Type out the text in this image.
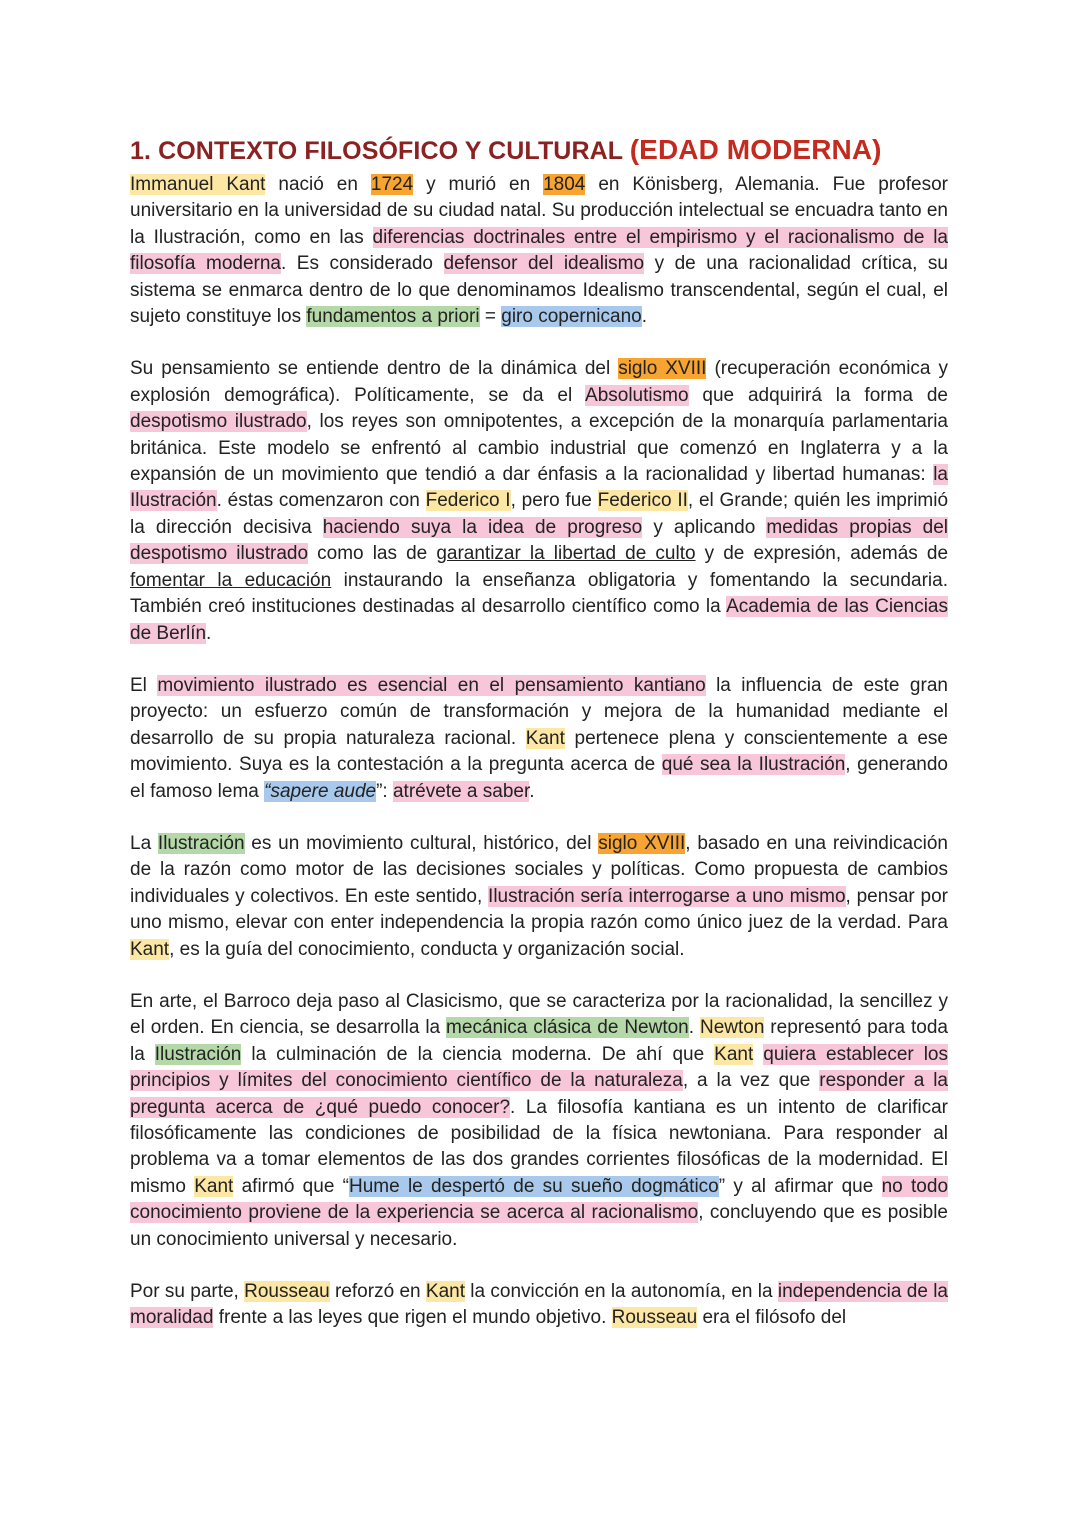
1. CONTEXTO FILOSÓFICO Y CULTURAL (EDAD MODERNA)

Immanuel Kant nació en 1724 y murió en 1804 en Könisberg, Alemania. Fue profesor universitario en la universidad de su ciudad natal. Su producción intelectual se encuadra tanto en la Ilustración, como en las diferencias doctrinales entre el empirismo y el racionalismo de la filosofía moderna. Es considerado defensor del idealismo y de una racionalidad crítica, su sistema se enmarca dentro de lo que denominamos Idealismo transcendental, según el cual, el sujeto constituye los fundamentos a priori = giro copernicano.

Su pensamiento se entiende dentro de la dinámica del siglo XVIII (recuperación económica y explosión demográfica). Políticamente, se da el Absolutismo que adquirirá la forma de despotismo ilustrado, los reyes son omnipotentes, a excepción de la monarquía parlamentaria británica. Este modelo se enfrentó al cambio industrial que comenzó en Inglaterra y a la expansión de un movimiento que tendió a dar énfasis a la racionalidad y libertad humanas: la Ilustración. éstas comenzaron con Federico I, pero fue Federico II, el Grande; quién les imprimió la dirección decisiva haciendo suya la idea de progreso y aplicando medidas propias del despotismo ilustrado como las de garantizar la libertad de culto y de expresión, además de fomentar la educación instaurando la enseñanza obligatoria y fomentando la secundaria. También creó instituciones destinadas al desarrollo científico como la Academia de las Ciencias de Berlín.

El movimiento ilustrado es esencial en el pensamiento kantiano la influencia de este gran proyecto: un esfuerzo común de transformación y mejora de la humanidad mediante el desarrollo de su propia naturaleza racional. Kant pertenece plena y conscientemente a ese movimiento. Suya es la contestación a la pregunta acerca de qué sea la Ilustración, generando el famoso lema “sapere aude”: atrévete a saber.

La Ilustración es un movimiento cultural, histórico, del siglo XVIII, basado en una reivindicación de la razón como motor de las decisiones sociales y políticas. Como propuesta de cambios individuales y colectivos. En este sentido, Ilustración sería interrogarse a uno mismo, pensar por uno mismo, elevar con enter independencia la propia razón como único juez de la verdad. Para Kant, es la guía del conocimiento, conducta y organización social.

En arte, el Barroco deja paso al Clasicismo, que se caracteriza por la racionalidad, la sencillez y el orden. En ciencia, se desarrolla la mecánica clásica de Newton. Newton representó para toda la Ilustración la culminación de la ciencia moderna. De ahí que Kant quiera establecer los principios y límites del conocimiento científico de la naturaleza, a la vez que responder a la pregunta acerca de ¿qué puedo conocer?. La filosofía kantiana es un intento de clarificar filosóficamente las condiciones de posibilidad de la física newtoniana. Para responder al problema va a tomar elementos de las dos grandes corrientes filosóficas de la modernidad. El mismo Kant afirmó que “Hume le despertó de su sueño dogmático” y al afirmar que no todo conocimiento proviene de la experiencia se acerca al racionalismo, concluyendo que es posible un conocimiento universal y necesario.

Por su parte, Rousseau reforzó en Kant la convicción en la autonomía, en la independencia de la moralidad frente a las leyes que rigen el mundo objetivo. Rousseau era el filósofo del
